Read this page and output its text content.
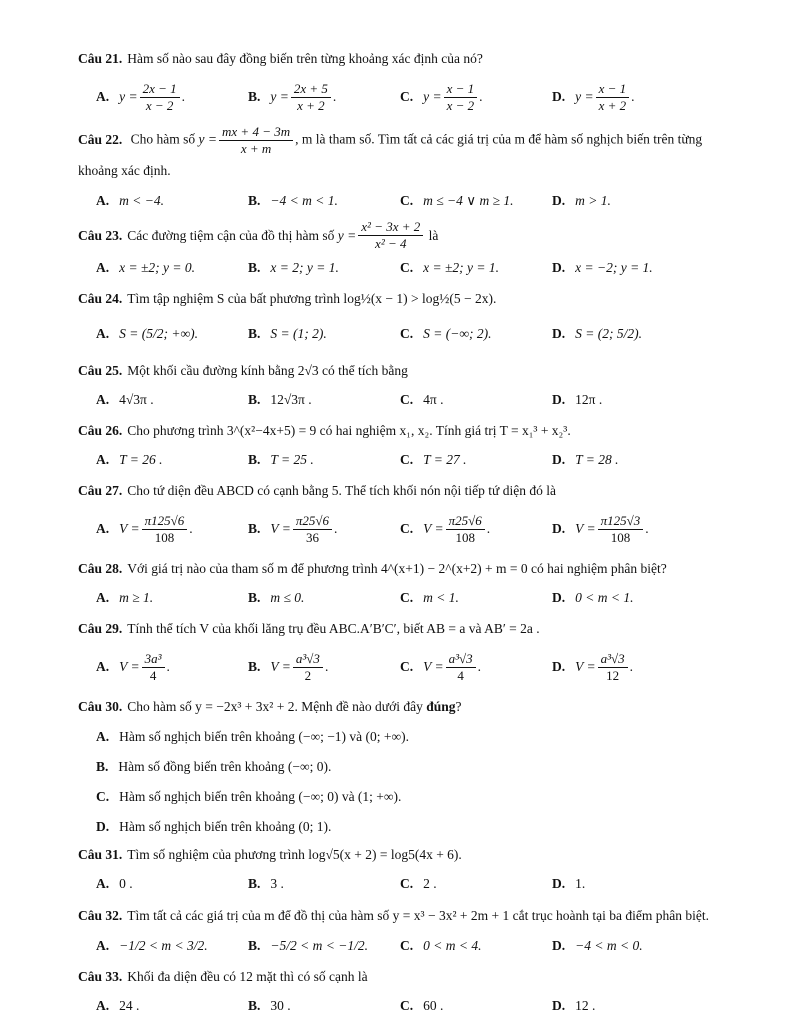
Câu 21. Hàm số nào sau đây đồng biến trên từng khoảng xác định của nó?
A. $y = \frac{2x - 1}{x - 2}$ .	B. $y = \frac{2x + 5}{x + 2}$ .	C. $y = \frac{x - 1}{x - 2}$ .	D. $y = \frac{x - 1}{x + 2}$ .
Câu 22. Cho hàm số $y = \frac{mx + 4 - 3m}{x + m}$ , m là tham số. Tìm tất cả các giá trị của m để hàm số nghịch biến trên từng khoảng xác định.
A. m < −4.	B. −4 < m < 1.	C. m ≤ −4 ∨ m ≥ 1.	D. m > 1.
Câu 23. Các đường tiệm cận của đồ thị hàm số
$y = \frac{\text{x² − 3x + 2}}{\text{x² − 4}}$
là
A. x = ±2; y = 0.	B. x = 2; y = 1.	C. x = ±2; y = 1.	D. x = −2; y = 1.
Câu 24. Tìm tập nghiệm S của bất phương trình log½(x − 1) > log½(5 − 2x).
A. S = (5/2; +∞).	B. S = (1; 2).	C. S = (−∞; 2).	D. S = (2; 5/2).
Câu 25. Một khối cầu đường kính bằng 2√3 có thể tích bằng
A. 4√3π .	B. 12√3π .	C. 4π .	D. 12π .
Câu 26. Cho phương trình 3^(x²−4x+5) = 9 có hai nghiệm x₁, x₂. Tính giá trị T = x₁³ + x₂³.
A. T = 26 .	B. T = 25 .	C. T = 27 .	D. T = 28 .
Câu 27. Cho tứ diện đều ABCD có cạnh bằng 5. Thể tích khối nón nội tiếp tứ diện đó là
A. $V = \frac{\pi 125√6}{108}$ .	B. $V = \frac{\pi 25√6}{36}$ .	C. $V = \frac{\pi 25√6}{108}$ .	D. $V = \frac{\pi 125√3}{108}$ .
Câu 28. Với giá trị nào của tham số m để phương trình 4^(x+1) − 2^(x+2) + m = 0 có hai nghiệm phân biệt?
A. m ≥ 1.	B. m ≤ 0.	C. m < 1.	D. 0 < m < 1.
Câu 29. Tính thể tích V của khối lăng trụ đều ABC.A′B′C′, biết AB = a và AB′ = 2a .
A. $V = \frac{\text{3a³}}{4}$ .	B. $V = \frac{\text{a³√3}}{2}$ .	C. $V = \frac{\text{a³√3}}{4}$ .	D. $V = \frac{\text{a³√3}}{12}$ .
Câu 30. Cho hàm số y = −2x³ + 3x² + 2. Mệnh đề nào dưới đây
đúng ?
A. Hàm số nghịch biến trên khoảng (−∞; −1) và (0; +∞).
B. Hàm số đồng biến trên khoảng (−∞; 0).
C. Hàm số nghịch biến trên khoảng (−∞; 0) và (1; +∞).
D. Hàm số nghịch biến trên khoảng (0; 1).
Câu 31. Tìm số nghiệm của phương trình log√5(x + 2) = log5(4x + 6).
A. 0 .	B. 3 .	C. 2 .	D. 1.
Câu 32. Tìm tất cả các giá trị của m để đồ thị của hàm số y = x³ − 3x² + 2m + 1 cắt trục hoành tại ba điểm phân biệt.
A. −1/2 < m < 3/2.	B. −5/2 < m < −1/2. C. 0 < m < 4.	D. −4 < m < 0.
Câu 33. Khối đa diện đều có 12 mặt thì có số cạnh là
A. 24 .	B. 30 .	C. 60 .	D. 12 .
